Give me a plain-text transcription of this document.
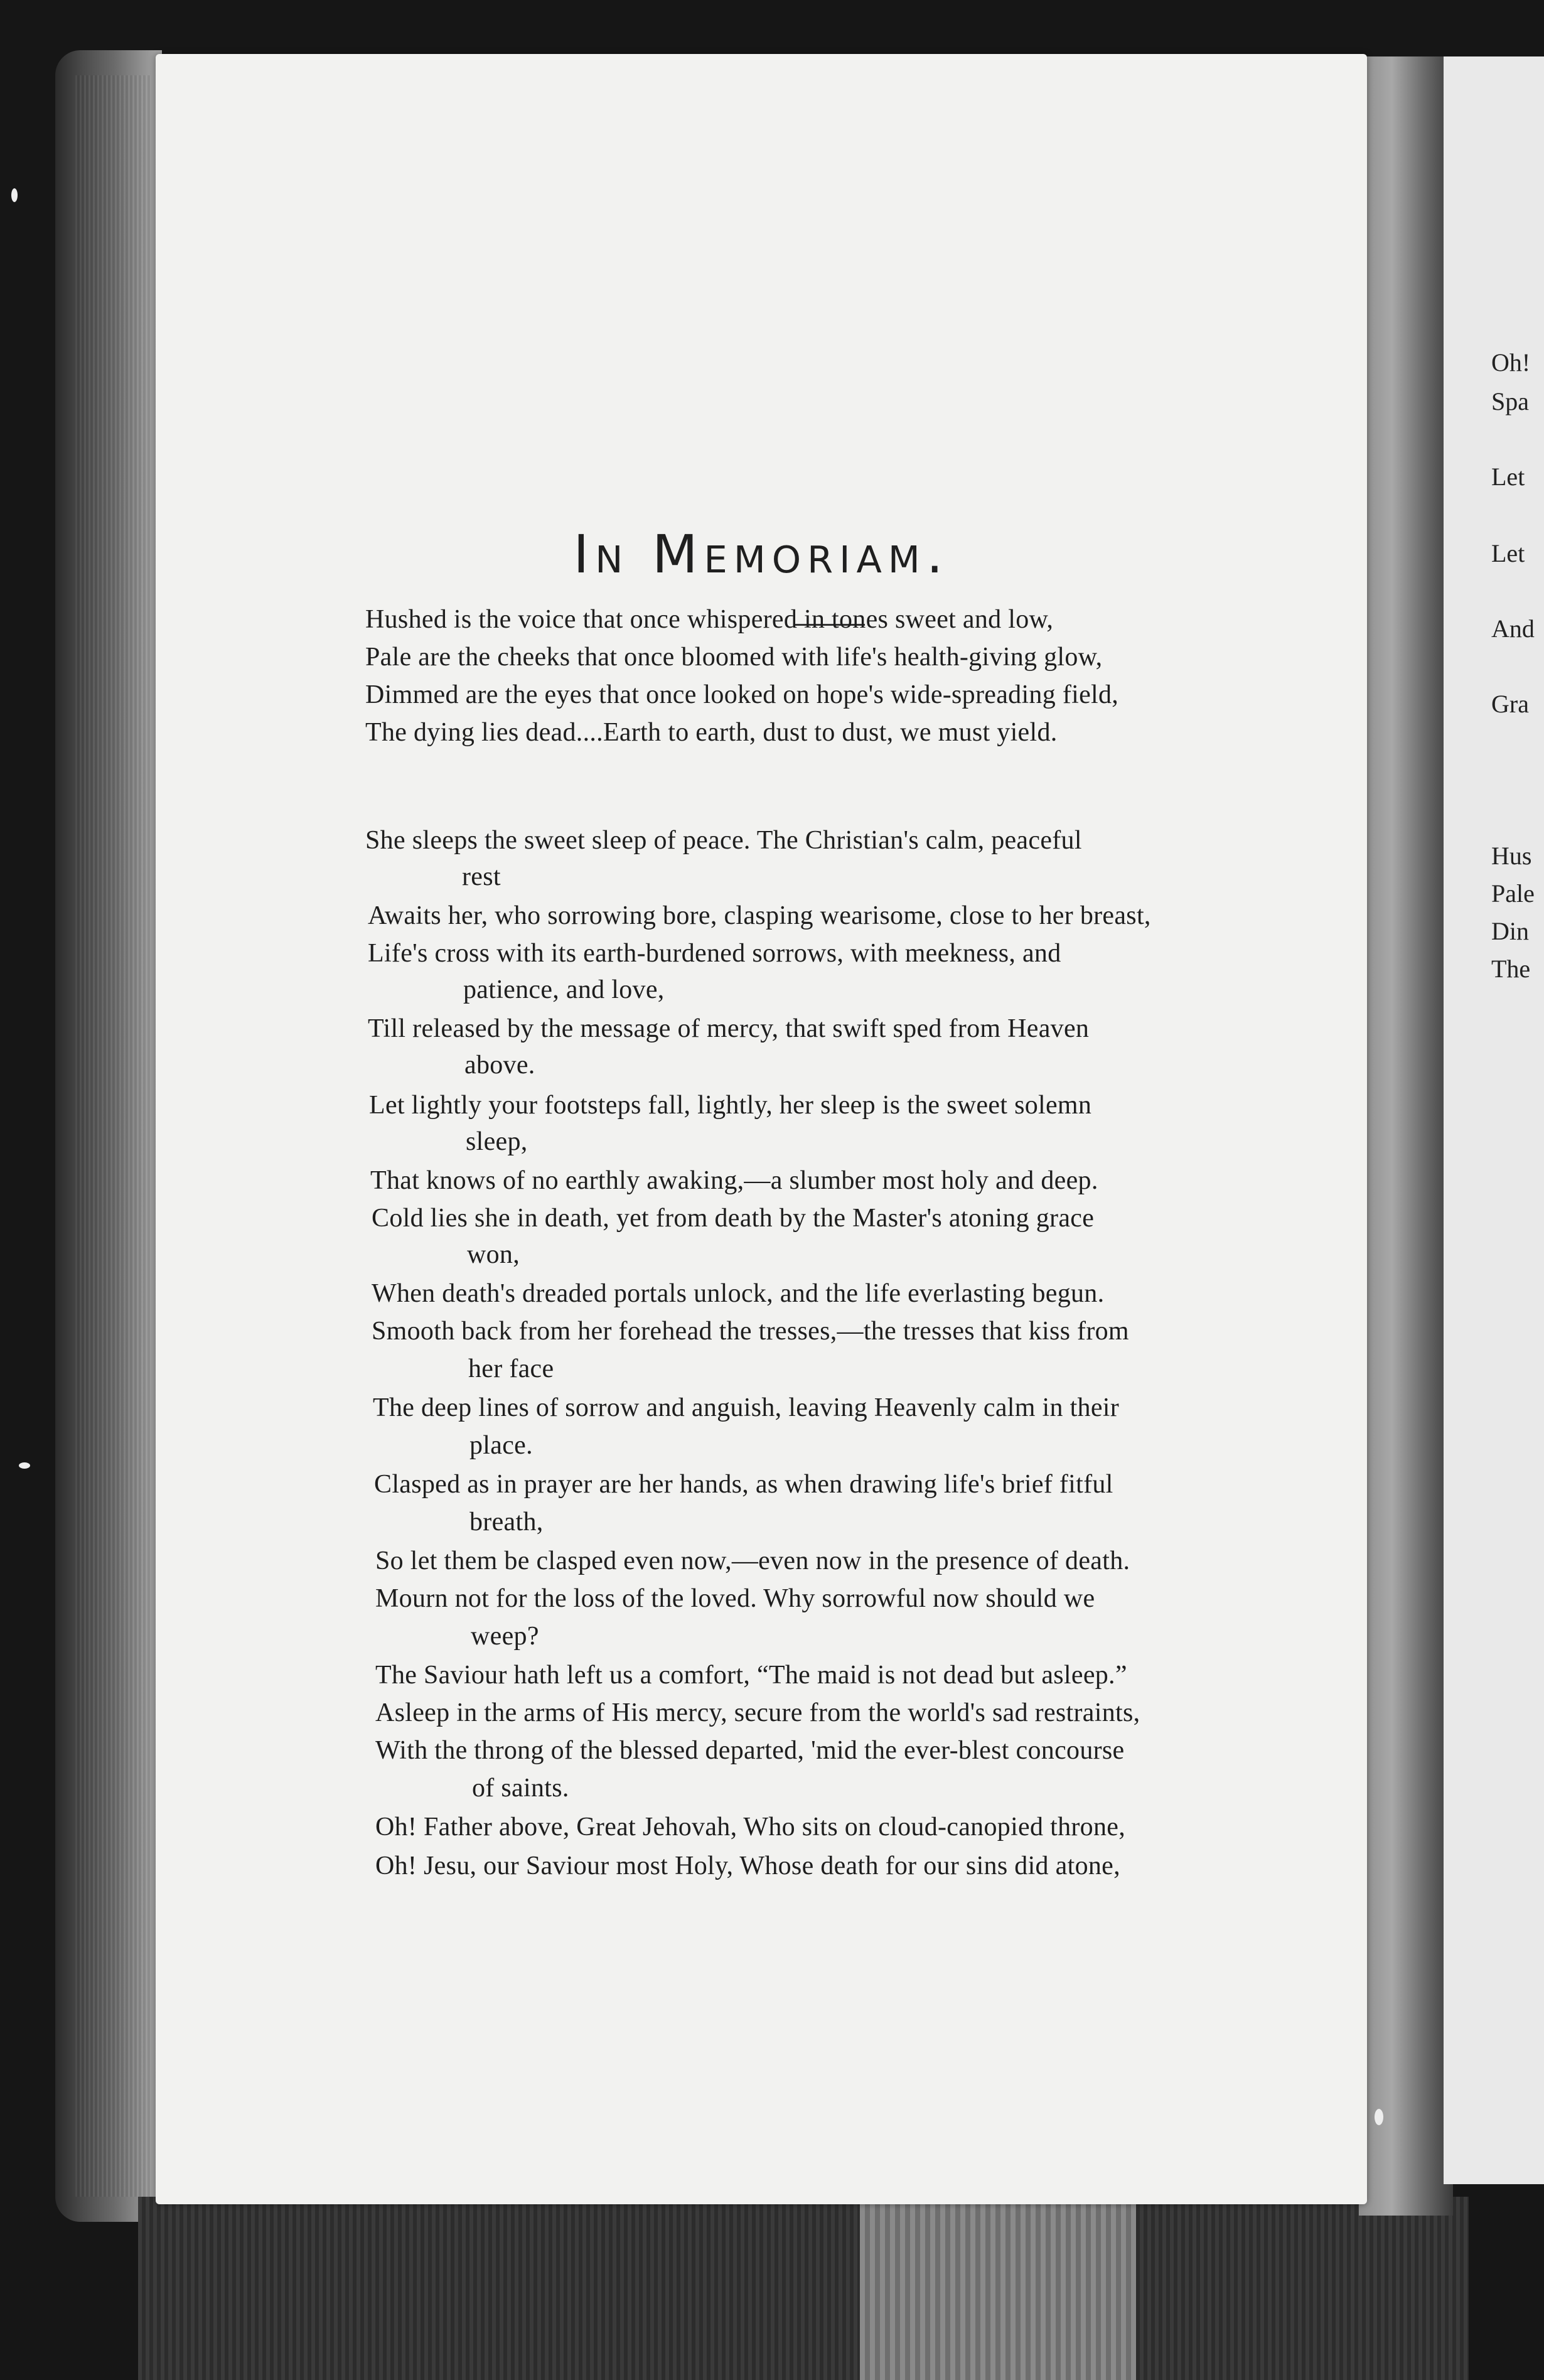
Oh!
Spa
Let
Let
And
Gra
Hus
Pale
Din
The
In Memoriam.
Hushed is the voice that once whispered in tones sweet and low,
Pale are the cheeks that once bloomed with life's health-giving glow,
Dimmed are the eyes that once looked on hope's wide-spreading field,
The dying lies dead....Earth to earth, dust to dust, we must yield.
She sleeps the sweet sleep of peace. The Christian's calm, peaceful
rest
Awaits her, who sorrowing bore, clasping wearisome, close to her breast,
Life's cross with its earth-burdened sorrows, with meekness, and
patience, and love,
Till released by the message of mercy, that swift sped from Heaven
above.
Let lightly your footsteps fall, lightly, her sleep is the sweet solemn
sleep,
That knows of no earthly awaking,—a slumber most holy and deep.
Cold lies she in death, yet from death by the Master's atoning grace
won,
When death's dreaded portals unlock, and the life everlasting begun.
Smooth back from her forehead the tresses,—the tresses that kiss from
her face
The deep lines of sorrow and anguish, leaving Heavenly calm in their
place.
Clasped as in prayer are her hands, as when drawing life's brief fitful
breath,
So let them be clasped even now,—even now in the presence of death.
Mourn not for the loss of the loved. Why sorrowful now should we
weep?
The Saviour hath left us a comfort, “The maid is not dead but asleep.”
Asleep in the arms of His mercy, secure from the world's sad restraints,
With the throng of the blessed departed, 'mid the ever-blest concourse
of saints.
Oh! Father above, Great Jehovah, Who sits on cloud-canopied throne,
Oh! Jesu, our Saviour most Holy, Whose death for our sins did atone,
